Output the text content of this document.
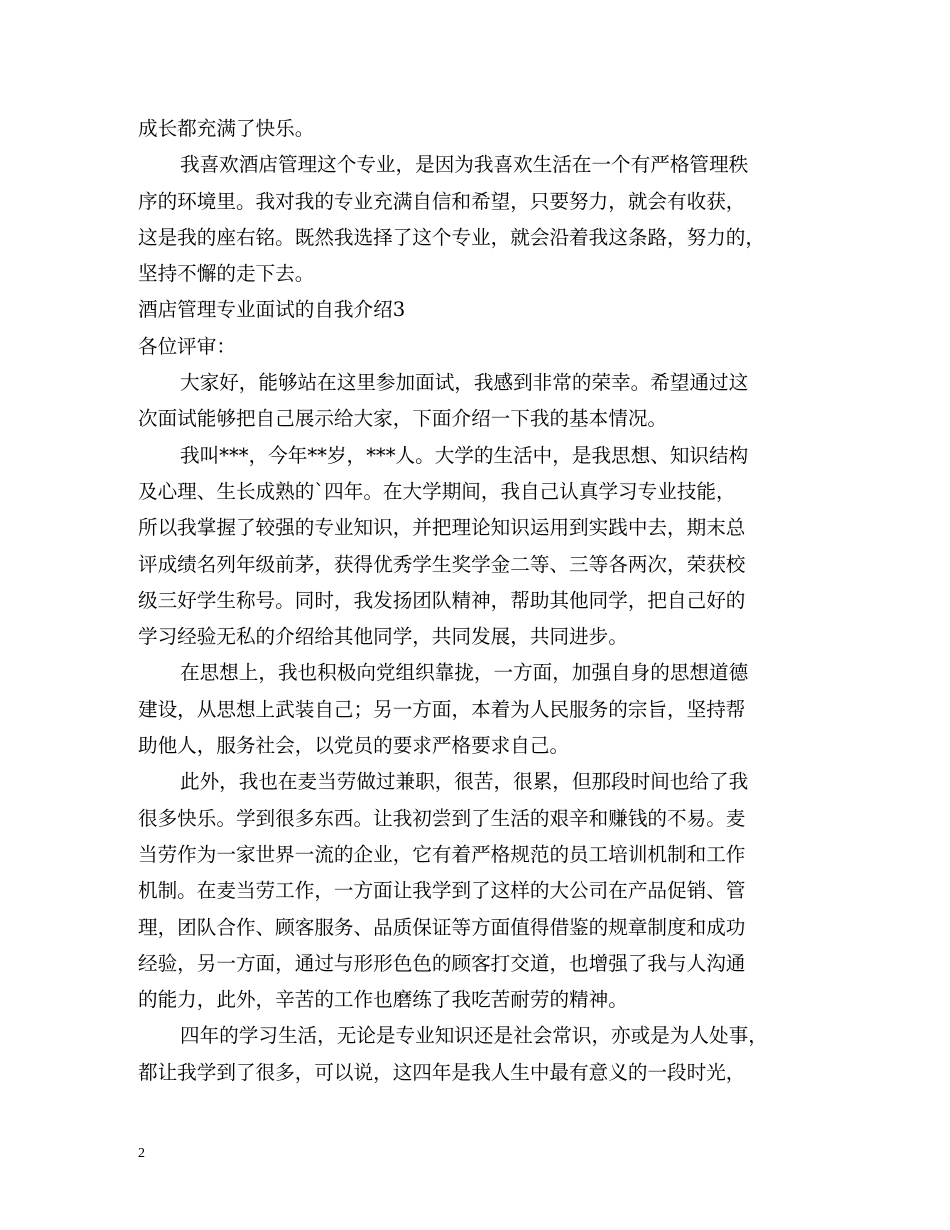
成长都充满了快乐。
我喜欢酒店管理这个专业，是因为我喜欢生活在一个有严格管理秩
序的环境里。我对我的专业充满自信和希望，只要努力，就会有收获，
这是我的座右铭。既然我选择了这个专业，就会沿着我这条路，努力的，
坚持不懈的走下去。
酒店管理专业面试的自我介绍3
各位评审：
大家好，能够站在这里参加面试，我感到非常的荣幸。希望通过这
次面试能够把自己展示给大家，下面介绍一下我的基本情况。
我叫***，今年**岁，***人。大学的生活中，是我思想、知识结构
及心理、生长成熟的`四年。在大学期间，我自己认真学习专业技能，
所以我掌握了较强的专业知识，并把理论知识运用到实践中去，期末总
评成绩名列年级前茅，获得优秀学生奖学金二等、三等各两次，荣获校
级三好学生称号。同时，我发扬团队精神，帮助其他同学，把自己好的
学习经验无私的介绍给其他同学，共同发展，共同进步。
在思想上，我也积极向党组织靠拢，一方面，加强自身的思想道德
建设，从思想上武装自己；另一方面，本着为人民服务的宗旨，坚持帮
助他人，服务社会，以党员的要求严格要求自己。
此外，我也在麦当劳做过兼职，很苦，很累，但那段时间也给了我
很多快乐。学到很多东西。让我初尝到了生活的艰辛和赚钱的不易。麦
当劳作为一家世界一流的企业，它有着严格规范的员工培训机制和工作
机制。在麦当劳工作，一方面让我学到了这样的大公司在产品促销、管
理，团队合作、顾客服务、品质保证等方面值得借鉴的规章制度和成功
经验，另一方面，通过与形形色色的顾客打交道，也增强了我与人沟通
的能力，此外，辛苦的工作也磨练了我吃苦耐劳的精神。
四年的学习生活，无论是专业知识还是社会常识，亦或是为人处事，
都让我学到了很多，可以说，这四年是我人生中最有意义的一段时光，
2
